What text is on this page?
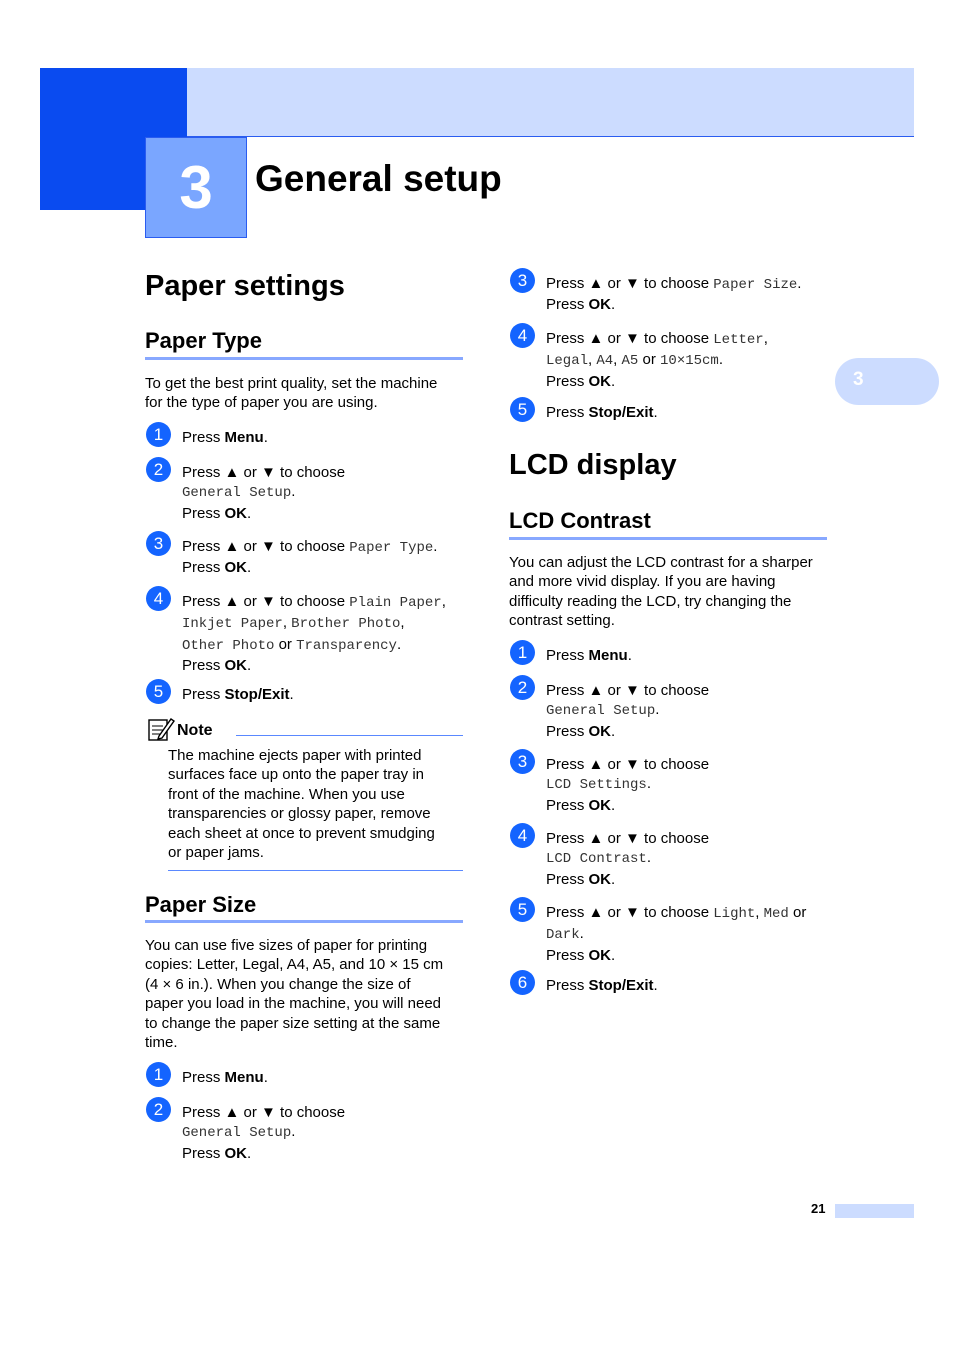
3	General setup
3
Paper settings
Paper Type
To get the best print quality, set the machine
for the type of paper you are using.
1	Press Menu.
2	Press ▲ or ▼ to choose
General Setup.
Press OK.
3	Press ▲ or ▼ to choose Paper Type.
Press OK.
4	Press ▲ or ▼ to choose Plain Paper,
Inkjet Paper, Brother Photo,
Other Photo or Transparency.
Press OK.
5	Press Stop/Exit.
Note
The machine ejects paper with printed
surfaces face up onto the paper tray in
front of the machine. When you use
transparencies or glossy paper, remove
each sheet at once to prevent smudging
or paper jams.
Paper Size
You can use five sizes of paper for printing
copies: Letter, Legal, A4, A5, and 10 × 15 cm
(4 × 6 in.). When you change the size of
paper you load in the machine, you will need
to change the paper size setting at the same
time.
1	Press Menu.
2	Press ▲ or ▼ to choose
General Setup.
Press OK.
3	Press ▲ or ▼ to choose Paper Size.
Press OK.
4	Press ▲ or ▼ to choose Letter,
Legal, A4, A5 or 10×15cm.
Press OK.
5	Press Stop/Exit.
LCD display
LCD Contrast
You can adjust the LCD contrast for a sharper
and more vivid display. If you are having
difficulty reading the LCD, try changing the
contrast setting.
1	Press Menu.
2	Press ▲ or ▼ to choose
General Setup.
Press OK.
3	Press ▲ or ▼ to choose
LCD Settings.
Press OK.
4	Press ▲ or ▼ to choose
LCD Contrast.
Press OK.
5	Press ▲ or ▼ to choose Light, Med or
Dark.
Press OK.
6	Press Stop/Exit.
21
